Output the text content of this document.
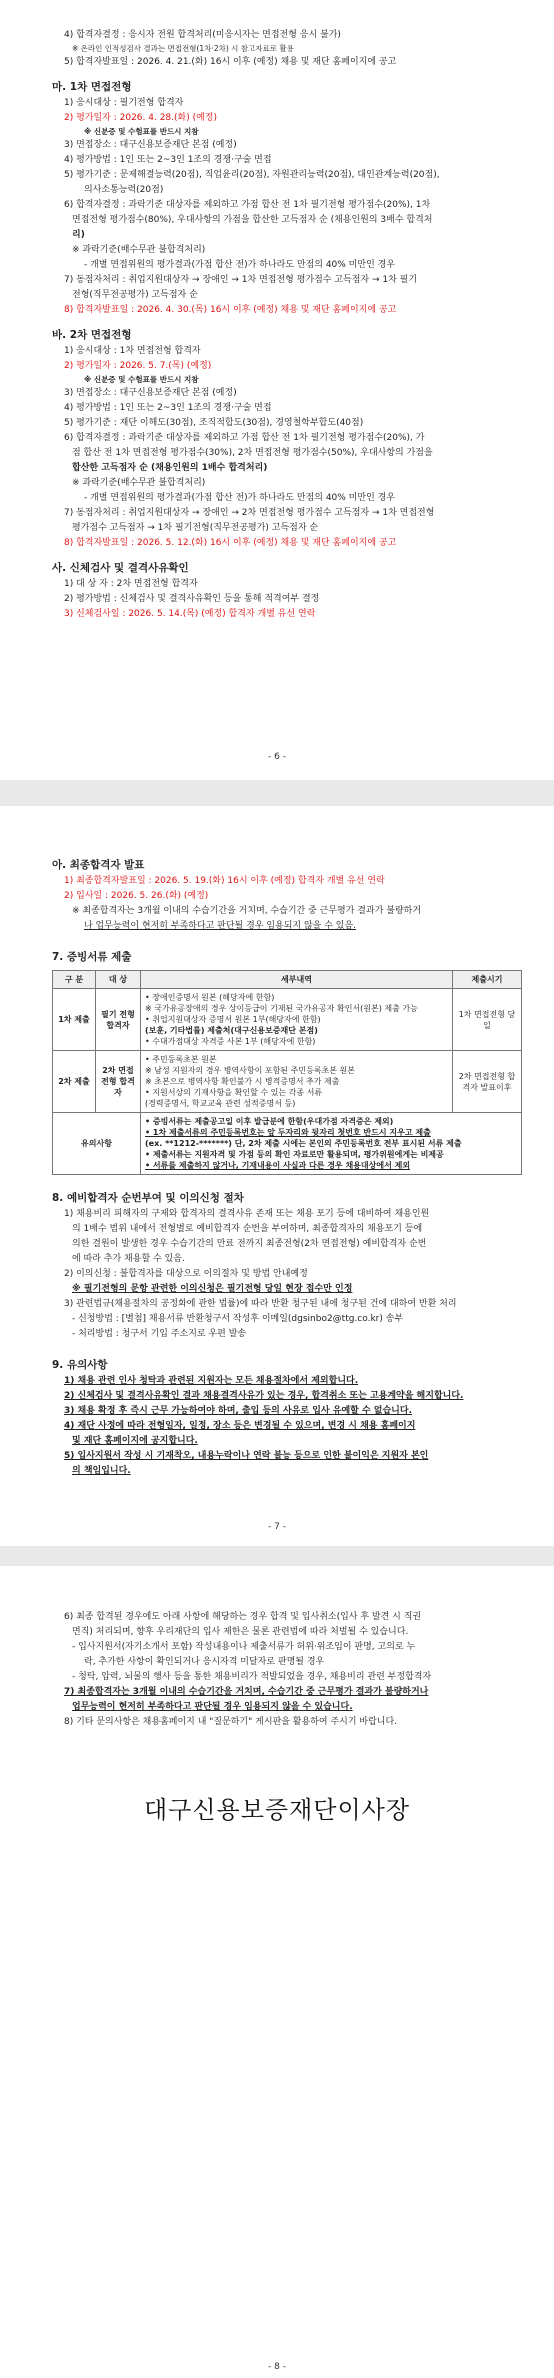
4) 합격자결정 : 응시자 전원 합격처리(미응시자는 면접전형 응시 불가)
※ 온라인 인적성검사 결과는 면접전형(1차·2차) 시 참고자료로 활용
5) 합격자발표일 : 2026. 4. 21.(화) 16시 이후 (예정) 채용 및 재단 홈페이지에 공고
마. 1차 면접전형
1) 응시대상 : 필기전형 합격자
2) 평가일자 : 2026. 4. 28.(화) (예정)
※ 신분증 및 수험표를 반드시 지참
3) 면접장소 : 대구신용보증재단 본점 (예정)
4) 평가방법 : 1인 또는 2~3인 1조의 경쟁·구술 면접
5) 평가기준 : 문제해결능력(20점), 직업윤리(20점), 자원관리능력(20점), 대인관계능력(20점),
의사소통능력(20점)
6) 합격자결정 : 과락기준 대상자를 제외하고 가점 합산 전 1차 필기전형 평가점수(20%), 1차
면접전형 평가점수(80%), 우대사항의 가점을 합산한 고득점자 순 (채용인원의 3배수 합격처
리)
※ 과락기준(배수무관 불합격처리)
- 개별 면접위원의 평가결과(가점 합산 전)가 하나라도 만점의 40% 미만인 경우
7) 동점자처리 : 취업지원대상자 → 장애인 → 1차 면접전형 평가점수 고득점자 → 1차 필기
전형(직무전공평가) 고득점자 순
8) 합격자발표일 : 2026. 4. 30.(목) 16시 이후 (예정) 채용 및 재단 홈페이지에 공고
바. 2차 면접전형
1) 응시대상 : 1차 면접전형 합격자
2) 평가일자 : 2026. 5. 7.(목) (예정)
※ 신분증 및 수험표를 반드시 지참
3) 면접장소 : 대구신용보증재단 본점 (예정)
4) 평가방법 : 1인 또는 2~3인 1조의 경쟁·구술 면접
5) 평가기준 : 재단 이해도(30점), 조직적합도(30점), 경영철학부합도(40점)
6) 합격자결정 : 과락기준 대상자를 제외하고 가점 합산 전 1차 필기전형 평가점수(20%), 가
점 합산 전 1차 면접전형 평가점수(30%), 2차 면접전형 평가점수(50%), 우대사항의 가점을
합산한 고득점자 순 (채용인원의 1배수 합격처리)
※ 과락기준(배수무관 불합격처리)
- 개별 면접위원의 평가결과(가점 합산 전)가 하나라도 만점의 40% 미만인 경우
7) 동점자처리 : 취업지원대상자 → 장애인 → 2차 면접전형 평가점수 고득점자 → 1차 면접전형
평가점수 고득점자 → 1차 필기전형(직무전공평가) 고득점자 순
8) 합격자발표일 : 2026. 5. 12.(화) 16시 이후 (예정) 채용 및 재단 홈페이지에 공고
사. 신체검사 및 결격사유확인
1) 대 상 자 : 2차 면접전형 합격자
2) 평가방법 : 신체검사 및 결격사유확인 등을 통해 적격여부 결정
3) 신체검사일 : 2026. 5. 14.(목) (예정) 합격자 개별 유선 연락
- 6 -
아. 최종합격자 발표
1) 최종합격자발표일 : 2026. 5. 19.(화) 16시 이후 (예정) 합격자 개별 유선 연락
2) 입사일 : 2026. 5. 26.(화) (예정)
※ 최종합격자는 3개월 이내의 수습기간을 거치며, 수습기간 중 근무평가 결과가 불량하거
나 업무능력이 현저히 부족하다고 판단될 경우 임용되지 않을 수 있음.
7. 증빙서류 제출
구 분	대 상	세부내역	제출시기
1차 제출	필기 전형 합격자	• 장애인증명서 원본 (해당자에 한함)
※ 국가유공장애의 경우 상이등급이 기재된 국가유공자 확인서(원본) 제출 가능
• 취업지원대상자 증명서 원본 1부(해당자에 한함)
(보훈, 기타법률) 제출처(대구신용보증재단 본점)
• 수대가점대상 자격증 사본 1부 (해당자에 한함)	1차 면접전형 당일
2차 제출	2차 면접 전형 합격자	• 주민등록초본 원본
※ 남성 지원자의 경우 병역사항이 포함된 주민등록초본 원본
※ 초본으로 병역사항 확인불가 시 병적증명서 추가 제출
• 지원서상의 기재사항을 확인할 수 있는 각종 서류
(경력증명서, 학교교육 관련 성적증명서 등)	2차 면접전형 합격자 발표이후
유의사항		• 증빙서류는 제출공고일 이후 발급분에 한함(우대가점 자격증은 제외)
• 1차 제출서류의 주민등록번호는 앞 두자리와 뒷자리 첫번호 반드시 지우고 제출
(ex. **1212-*******) 단, 2차 제출 시에는 본인의 주민등록번호 전부 표시된 서류 제출
• 제출서류는 지원자격 및 가점 등의 확인 자료로만 활용되며, 평가위원에게는 비제공
• 서류를 제출하지 않거나, 기재내용이 사실과 다른 경우 채용대상에서 제외	
8. 예비합격자 순번부여 및 이의신청 절차
1) 채용비리 피해자의 구제와 합격자의 결격사유 존재 또는 채용 포기 등에 대비하여 채용인원
의 1배수 범위 내에서 전형별로 예비합격자 순번을 부여하며, 최종합격자의 채용포기 등에
의한 결원이 발생한 경우 수습기간의 만료 전까지 최종전형(2차 면접전형) 예비합격자 순번
에 따라 추가 채용할 수 있음.
2) 이의신청 : 불합격자를 대상으로 이의절차 및 방법 안내예정
※ 필기전형의 문항 관련한 이의신청은 필기전형 당일 현장 접수만 인정
3) 관련법규(채용절차의 공정화에 관한 법률)에 따라 반환 청구된 내에 청구된 건에 대하여 반환 처리
- 신청방법 : [별첨] 채용서류 반환청구서 작성후 이메일(dgsinbo2@ttg.co.kr) 송부
- 처리방법 : 청구서 기입 주소지로 우편 발송
9. 유의사항
1) 채용 관련 인사 청탁과 관련된 지원자는 모든 채용절차에서 제외합니다.
2) 신체검사 및 결격사유확인 결과 채용결격사유가 있는 경우, 합격취소 또는 고용계약을 해지합니다.
3) 채용 확정 후 즉시 근무 가능하여야 하며, 출입 등의 사유로 입사 유예할 수 없습니다.
4) 재단 사정에 따라 전형일자, 일정, 장소 등은 변경될 수 있으며, 변경 시 채용 홈페이지
및 재단 홈페이지에 공지합니다.
5) 입사지원서 작성 시 기재착오, 내용누락이나 연락 불능 등으로 인한 불이익은 지원자 본인
의 책임입니다.
- 7 -
6) 최종 합격된 경우에도 아래 사항에 해당하는 경우 합격 및 입사취소(입사 후 발견 시 직권
면직) 처리되며, 향후 우리재단의 입사 제한은 물론 관련법에 따라 처벌될 수 있습니다.
- 입사지원서(자기소개서 포함) 작성내용이나 제출서류가 허위·위조임이 판명, 고의로 누
락, 추가한 사항이 확인되거나 응시자격 미달자로 판명될 경우
- 청탁, 압력, 뇌물의 행사 등을 통한 채용비리가 적발되었을 경우, 채용비리 관련 부정합격자
7) 최종합격자는 3개월 이내의 수습기간을 거치며, 수습기간 중 근무평가 결과가 불량하거나
업무능력이 현저히 부족하다고 판단될 경우 임용되지 않을 수 있습니다.
8) 기타 문의사항은 채용홈페이지 내 "질문하기" 게시판을 활용하여 주시기 바랍니다.
대구신용보증재단이사장
- 8 -
